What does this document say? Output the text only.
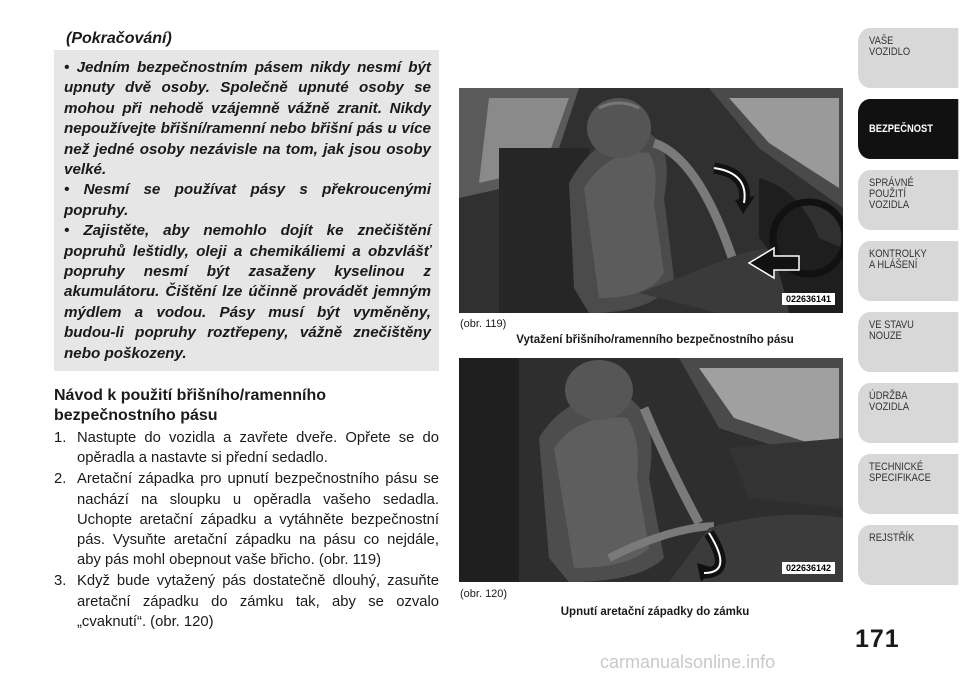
(Pokračování)

• Jedním bezpečnostním pásem nikdy nesmí být upnuty dvě osoby. Společně upnuté osoby se mohou při nehodě vzájemně vážně zranit. Nikdy nepoužívejte břišní/ramenní nebo břišní pás u více než jedné osoby nezávisle na tom, jak jsou osoby velké.

• Nesmí se používat pásy s překroucenými popruhy.

• Zajistěte, aby nemohlo dojít ke znečištění popruhů leštidly, oleji a chemikáliemi a obzvlášť popruhy nesmí být zasaženy kyselinou z akumulátoru. Čištění lze účinně provádět jemným mýdlem a vodou. Pásy musí být vyměněny, budou-li popruhy roztřepeny, vážně znečištěny nebo poškozeny.

Návod k použití břišního/ramenního bezpečnostního pásu
1. Nastupte do vozidla a zavřete dveře. Opřete se do opěradla a nastavte si přední sedadlo.
2. Aretační západka pro upnutí bezpečnostního pásu se nachází na sloupku u opěradla vašeho sedadla. Uchopte aretační západku a vytáhněte bezpečnostní pás. Vysuňte aretační západku na pásu co nejdále, aby pás mohl obepnout vaše břicho. (obr. 119)
3. Když bude vytažený pás dostatečně dlouhý, zasuňte aretační západku do zámku tak, aby se ozvalo „cvaknutí“. (obr. 120)
022636141
(obr. 119)
Vytažení břišního/ramenního bezpečnostního pásu
022636142
(obr. 120)
Upnutí aretační západky do zámku
VAŠE
VOZIDLO
BEZPEČNOST
SPRÁVNÉ
POUŽITÍ
VOZIDLA
KONTROLKY
A HLÁŠENÍ
VE STAVU
NOUZE
ÚDRŽBA
VOZIDLA
TECHNICKÉ
SPECIFIKACE
REJSTŘÍK
171
carmanualsonline.info
